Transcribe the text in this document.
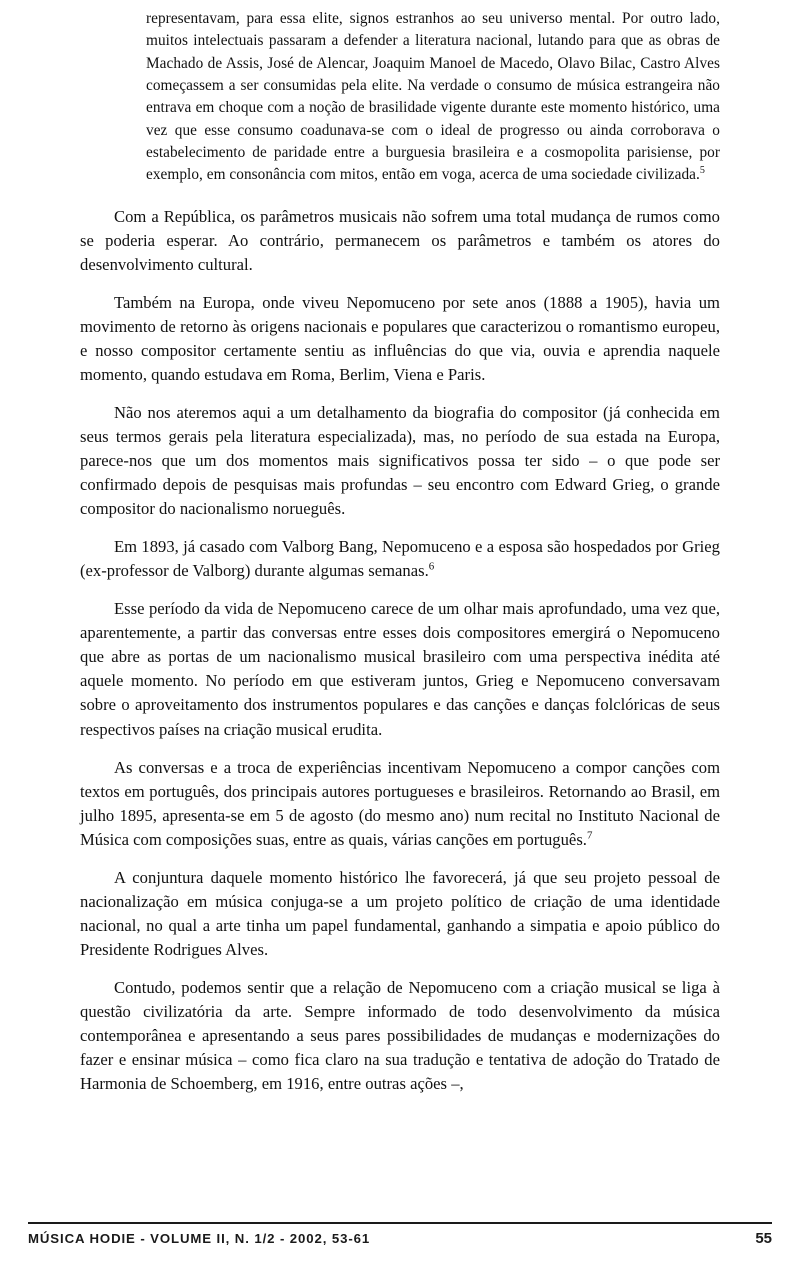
representavam, para essa elite, signos estranhos ao seu universo mental. Por outro lado, muitos intelectuais passaram a defender a literatura nacional, lutando para que as obras de Machado de Assis, José de Alencar, Joaquim Manoel de Macedo, Olavo Bilac, Castro Alves começassem a ser consumidas pela elite. Na verdade o consumo de música estrangeira não entrava em choque com a noção de brasilidade vigente durante este momento histórico, uma vez que esse consumo coadunava-se com o ideal de progresso ou ainda corroborava o estabelecimento de paridade entre a burguesia brasileira e a cosmopolita parisiense, por exemplo, em consonância com mitos, então em voga, acerca de uma sociedade civilizada.$^5$

Com a República, os parâmetros musicais não sofrem uma total mudança de rumos como se poderia esperar. Ao contrário, permanecem os parâmetros e também os atores do desenvolvimento cultural.

Também na Europa, onde viveu Nepomuceno por sete anos (1888 a 1905), havia um movimento de retorno às origens nacionais e populares que caracterizou o romantismo europeu, e nosso compositor certamente sentiu as influências do que via, ouvia e aprendia naquele momento, quando estudava em Roma, Berlim, Viena e Paris.

Não nos ateremos aqui a um detalhamento da biografia do compositor (já conhecida em seus termos gerais pela literatura especializada), mas, no período de sua estada na Europa, parece-nos que um dos momentos mais significativos possa ter sido – o que pode ser confirmado depois de pesquisas mais profundas – seu encontro com Edward Grieg, o grande compositor do nacionalismo norueguês.

Em 1893, já casado com Valborg Bang, Nepomuceno e a esposa são hospedados por Grieg (ex-professor de Valborg) durante algumas semanas.$^6$

Esse período da vida de Nepomuceno carece de um olhar mais aprofundado, uma vez que, aparentemente, a partir das conversas entre esses dois compositores emergirá o Nepomuceno que abre as portas de um nacionalismo musical brasileiro com uma perspectiva inédita até aquele momento. No período em que estiveram juntos, Grieg e Nepomuceno conversavam sobre o aproveitamento dos instrumentos populares e das canções e danças folclóricas de seus respectivos países na criação musical erudita.

As conversas e a troca de experiências incentivam Nepomuceno a compor canções com textos em português, dos principais autores portugueses e brasileiros. Retornando ao Brasil, em julho 1895, apresenta-se em 5 de agosto (do mesmo ano) num recital no Instituto Nacional de Música com composições suas, entre as quais, várias canções em português.$^7$

A conjuntura daquele momento histórico lhe favorecerá, já que seu projeto pessoal de nacionalização em música conjuga-se a um projeto político de criação de uma identidade nacional, no qual a arte tinha um papel fundamental, ganhando a simpatia e apoio público do Presidente Rodrigues Alves.

Contudo, podemos sentir que a relação de Nepomuceno com a criação musical se liga à questão civilizatória da arte. Sempre informado de todo desenvolvimento da música contemporânea e apresentando a seus pares possibilidades de mudanças e modernizações do fazer e ensinar música – como fica claro na sua tradução e tentativa de adoção do Tratado de Harmonia de Schoemberg, em 1916, entre outras ações –,

MÚSICA HODIE - VOLUME II, N. 1/2 - 2002, 53-61	55
